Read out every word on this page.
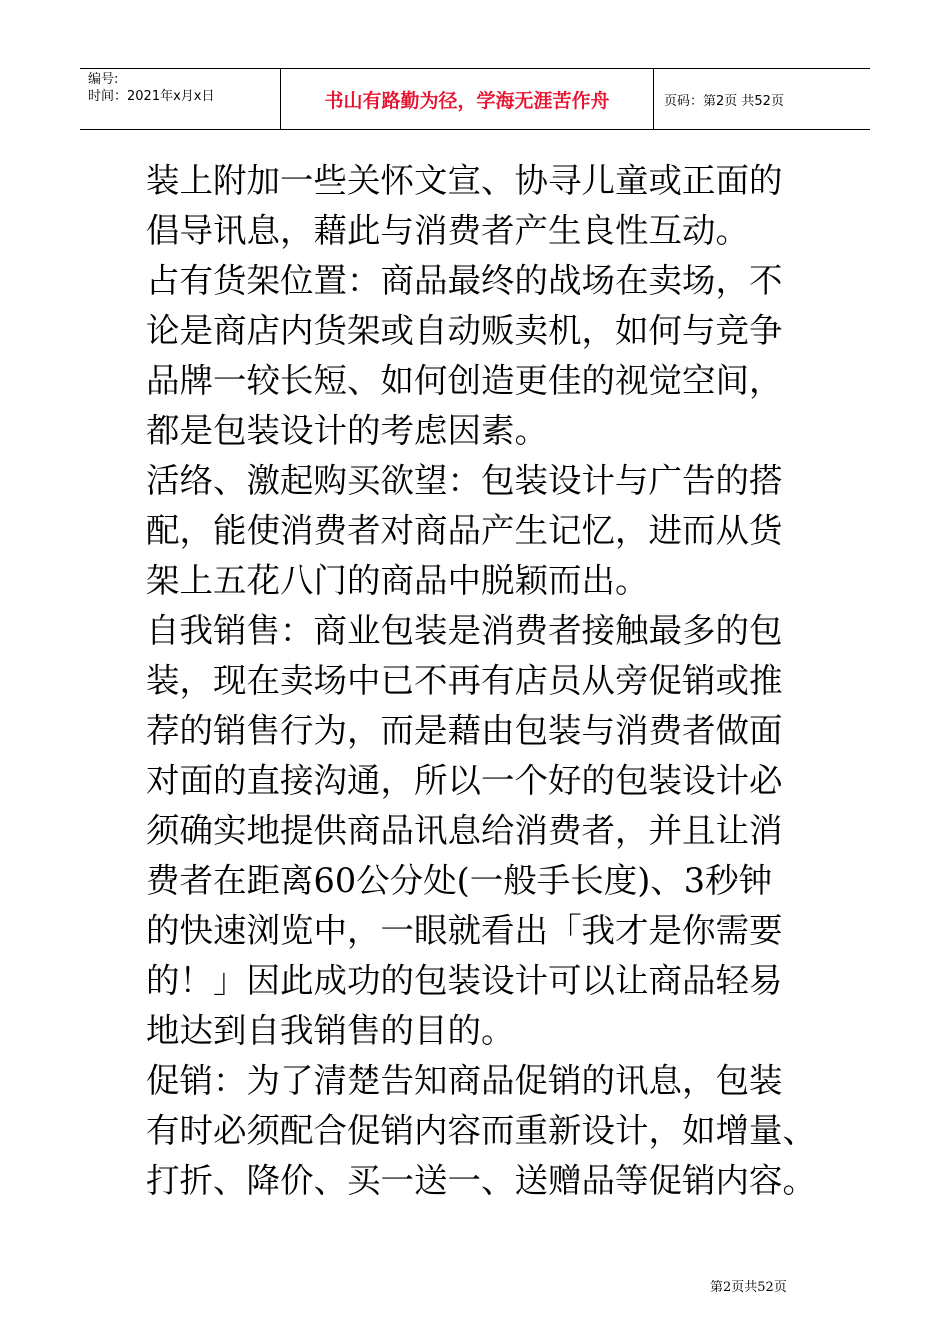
编号:
时间：2021年x月x日	书山有路勤为径，学海无涯苦作舟	页码：第2页 共52页
装上附加一些关怀文宣、协寻儿童或正面的
倡导讯息，藉此与消费者产生良性互动。
占有货架位置：商品最终的战场在卖场，不
论是商店内货架或自动贩卖机，如何与竞争
品牌一较长短、如何创造更佳的视觉空间，
都是包装设计的考虑因素。
活络、激起购买欲望：包装设计与广告的搭
配，能使消费者对商品产生记忆，进而从货
架上五花八门的商品中脱颖而出。
自我销售：商业包装是消费者接触最多的包
装，现在卖场中已不再有店员从旁促销或推
荐的销售行为，而是藉由包装与消费者做面
对面的直接沟通，所以一个好的包装设计必
须确实地提供商品讯息给消费者，并且让消
费者在距离60公分处(一般手长度)、3秒钟
的快速浏览中，一眼就看出「我才是你需要
的！」因此成功的包装设计可以让商品轻易
地达到自我销售的目的。
促销：为了清楚告知商品促销的讯息，包装
有时必须配合促销内容而重新设计，如增量、
打折、降价、买一送一、送赠品等促销内容。
第2页共52页
